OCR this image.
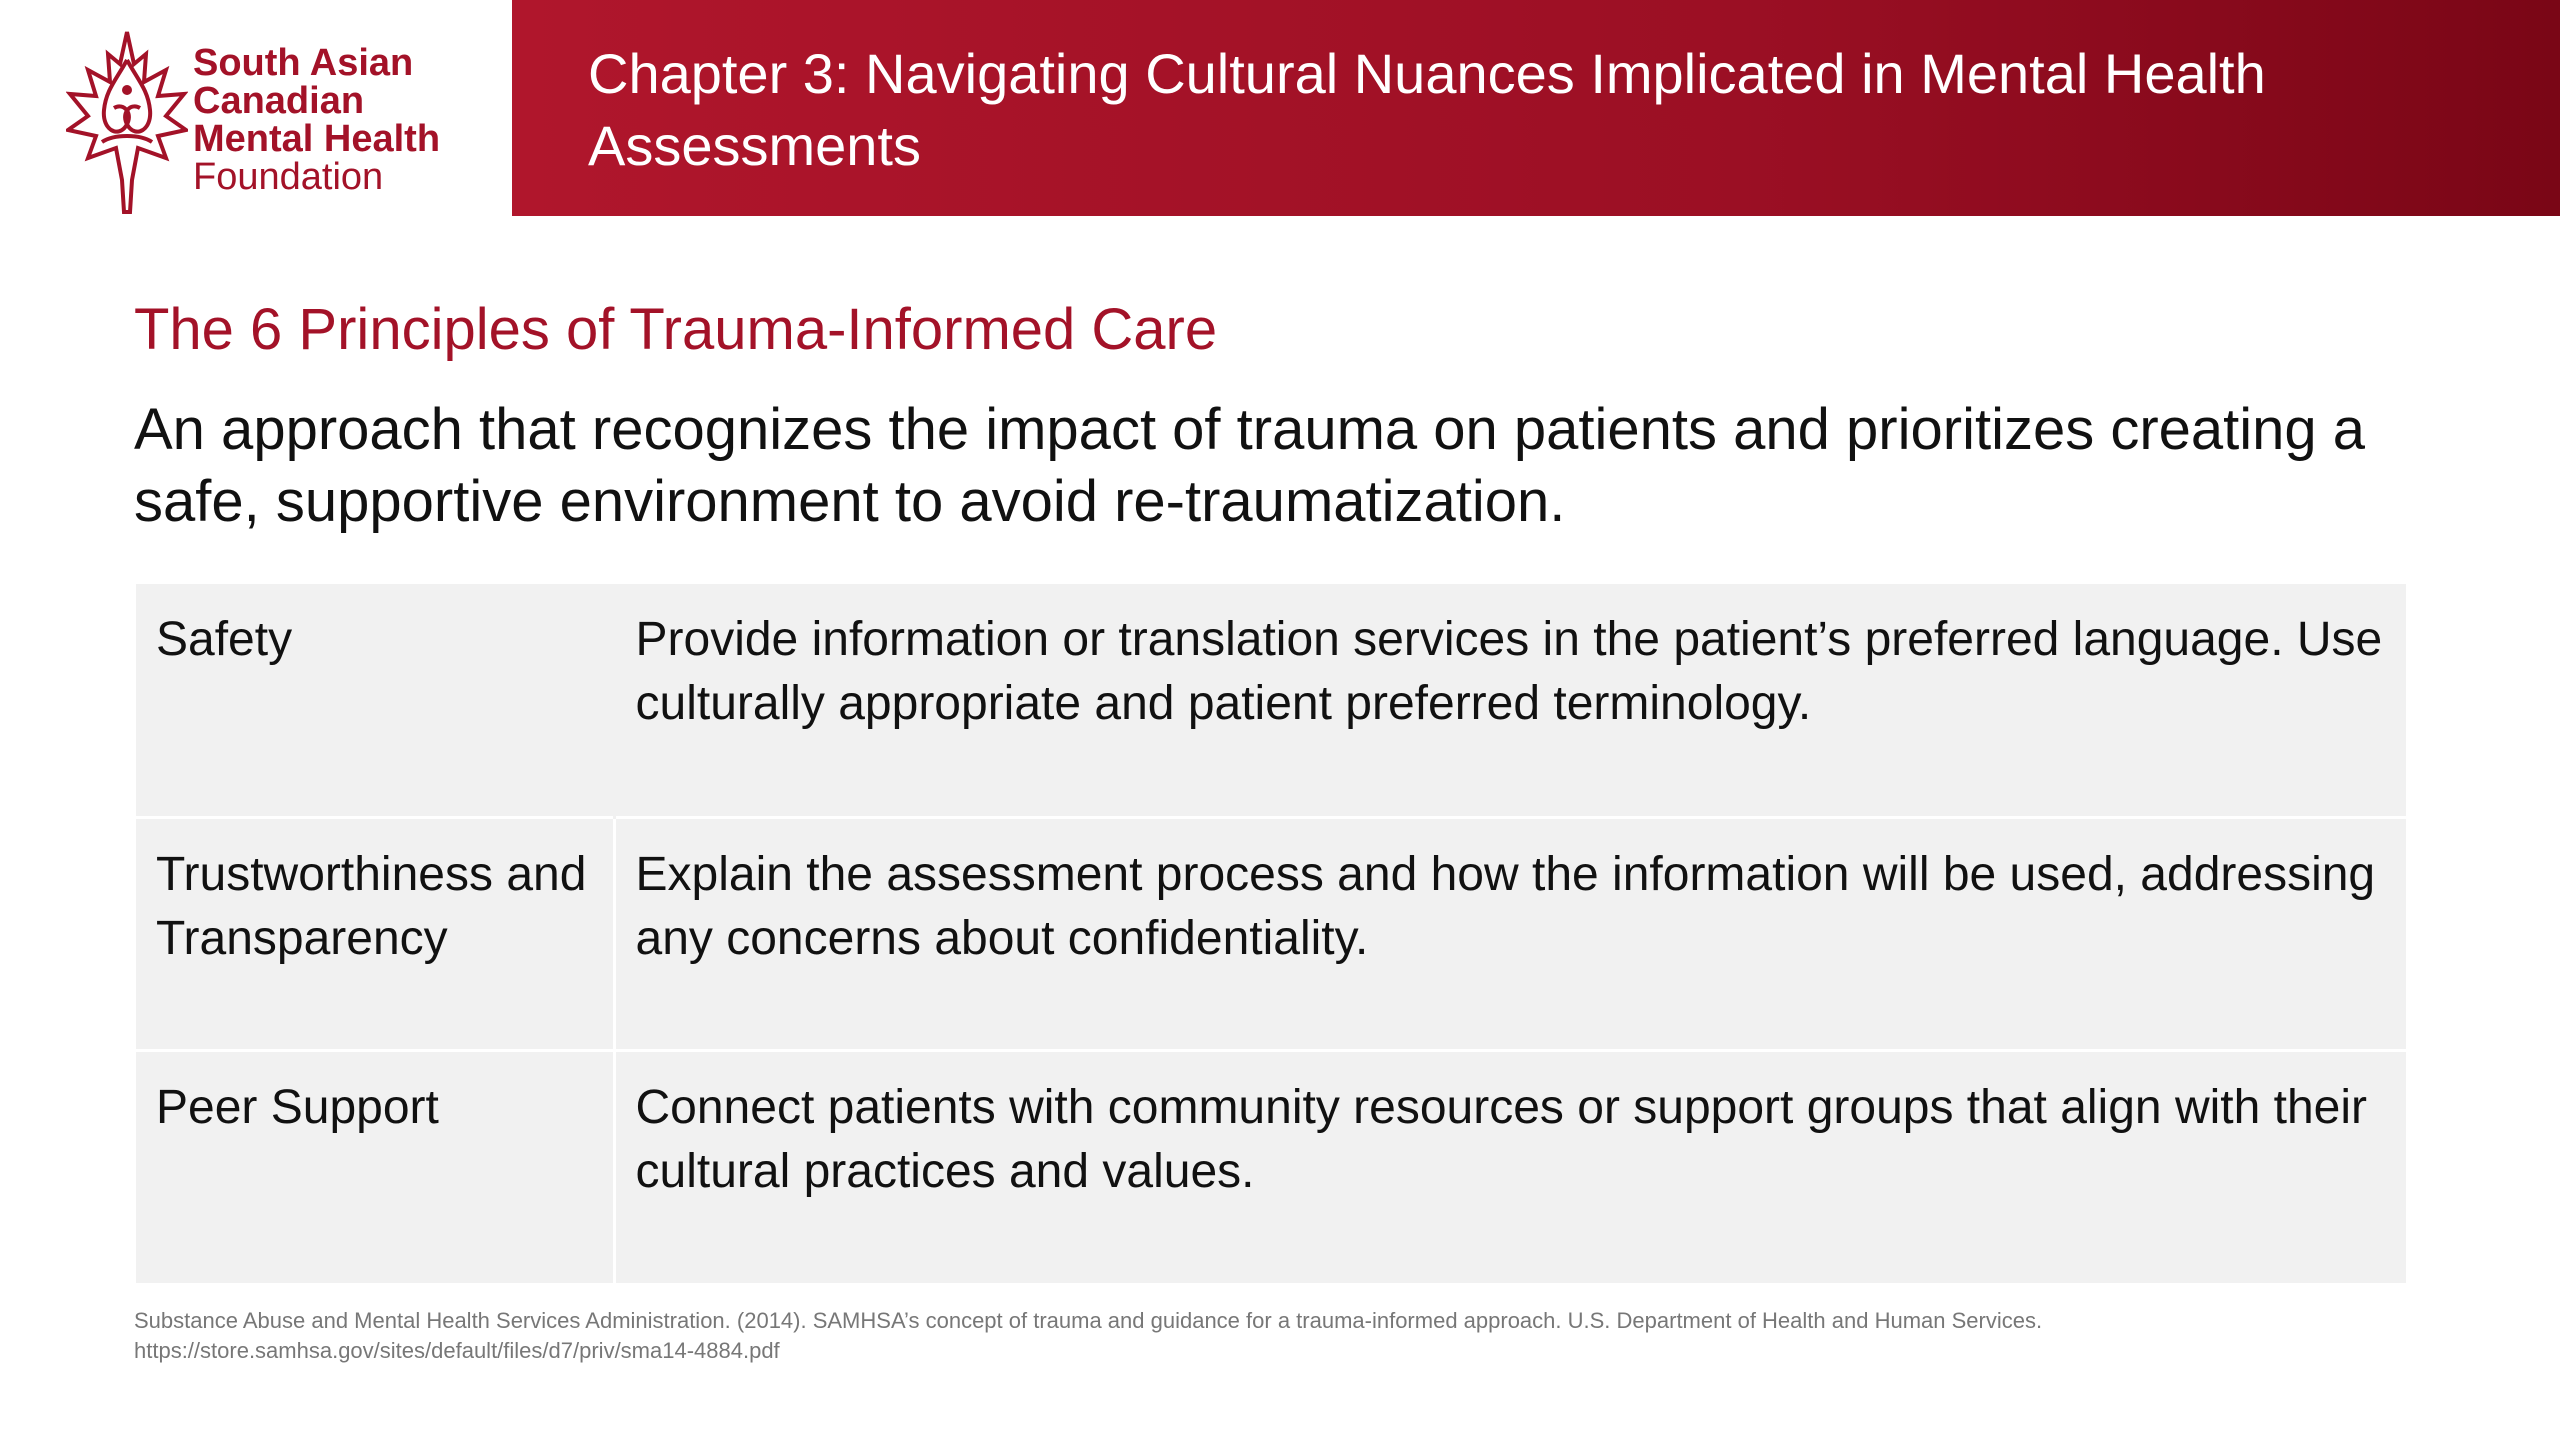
South Asian
Canadian
Mental Health
Foundation
Chapter 3: Navigating Cultural Nuances Implicated in Mental Health Assessments
The 6 Principles of Trauma-Informed Care
An approach that recognizes the impact of trauma on patients and prioritizes creating a safe, supportive environment to avoid re-traumatization.
Safety	Provide information or translation services in the patient’s preferred language. Use culturally appropriate and patient preferred terminology.
Trustworthiness and Transparency	Explain the assessment process and how the information will be used, addressing any concerns about confidentiality.
Peer Support	Connect patients with community resources or support groups that align with their cultural practices and values.
Substance Abuse and Mental Health Services Administration. (2014). SAMHSA’s concept of trauma and guidance for a trauma-informed approach. U.S. Department of Health and Human Services.
https://store.samhsa.gov/sites/default/files/d7/priv/sma14-4884.pdf
